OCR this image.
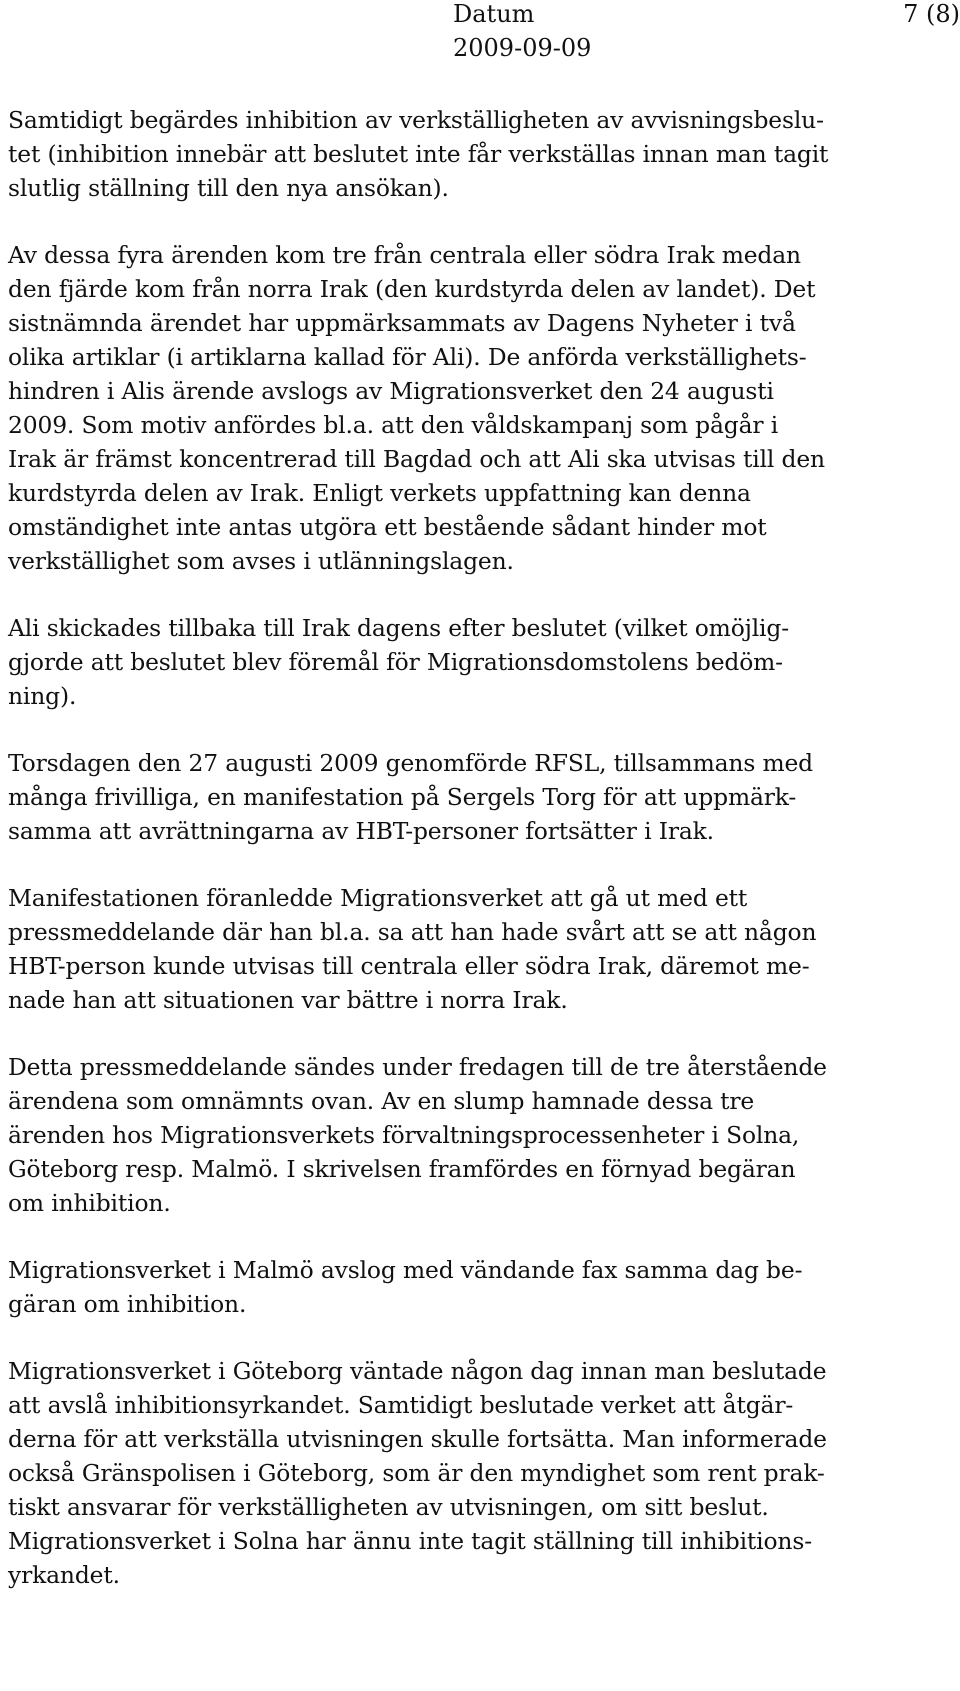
Datum	7 (8)
2009-09-09

Samtidigt begärdes inhibition av verkställigheten av avvisningsbeslu-
tet (inhibition innebär att beslutet inte får verkställas innan man tagit
slutlig ställning till den nya ansökan).

Av dessa fyra ärenden kom tre från centrala eller södra Irak medan
den fjärde kom från norra Irak (den kurdstyrda delen av landet). Det
sistnämnda ärendet har uppmärksammats av Dagens Nyheter i två
olika artiklar (i artiklarna kallad för Ali). De anförda verkställighets-
hindren i Alis ärende avslogs av Migrationsverket den 24 augusti
2009. Som motiv anfördes bl.a. att den våldskampanj som pågår i
Irak är främst koncentrerad till Bagdad och att Ali ska utvisas till den
kurdstyrda delen av Irak. Enligt verkets uppfattning kan denna
omständighet inte antas utgöra ett bestående sådant hinder mot
verkställighet som avses i utlänningslagen.

Ali skickades tillbaka till Irak dagens efter beslutet (vilket omöjlig-
gjorde att beslutet blev föremål för Migrationsdomstolens bedöm-
ning).

Torsdagen den 27 augusti 2009 genomförde RFSL, tillsammans med
många frivilliga, en manifestation på Sergels Torg för att uppmärk-
samma att avrättningarna av HBT-personer fortsätter i Irak.

Manifestationen föranledde Migrationsverket att gå ut med ett
pressmeddelande där han bl.a. sa att han hade svårt att se att någon
HBT-person kunde utvisas till centrala eller södra Irak, däremot me-
nade han att situationen var bättre i norra Irak.

Detta pressmeddelande sändes under fredagen till de tre återstående
ärendena som omnämnts ovan. Av en slump hamnade dessa tre
ärenden hos Migrationsverkets förvaltningsprocessenheter i Solna,
Göteborg resp. Malmö. I skrivelsen framfördes en förnyad begäran
om inhibition.

Migrationsverket i Malmö avslog med vändande fax samma dag be-
gäran om inhibition.

Migrationsverket i Göteborg väntade någon dag innan man beslutade
att avslå inhibitionsyrkandet. Samtidigt beslutade verket att åtgär-
derna för att verkställa utvisningen skulle fortsätta. Man informerade
också Gränspolisen i Göteborg, som är den myndighet som rent prak-
tiskt ansvarar för verkställigheten av utvisningen, om sitt beslut.
Migrationsverket i Solna har ännu inte tagit ställning till inhibitions-
yrkandet.
